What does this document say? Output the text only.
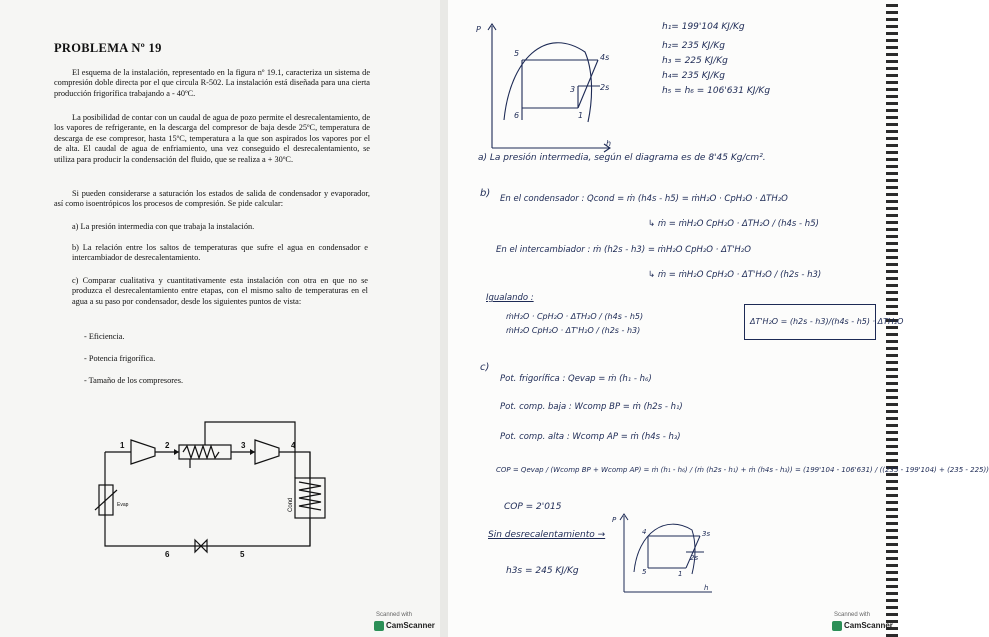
PROBLEMA Nº 19
El esquema de la instalación, representado en la figura nº 19.1, caracteriza un sistema de compresión doble directa por el que circula R-502. La instalación está diseñada para una cierta producción frigorífica trabajando a - 40ºC.
La posibilidad de contar con un caudal de agua de pozo permite el desrecalentamiento, de los vapores de refrigerante, en la descarga del compresor de baja desde 25ºC, temperatura de descarga de ese compresor, hasta 15ºC, temperatura a la que son aspirados los vapores por el de alta. El caudal de agua de enfriamiento, una vez conseguido el desrecalentamiento, se utiliza para producir la condensación del fluido, que se realiza a + 30ºC.
Si pueden considerarse a saturación los estados de salida de condensador y evaporador, así como isoentrópicos los procesos de compresión. Se pide calcular:
a) La presión intermedia con que trabaja la instalación.
b) La relación entre los saltos de temperaturas que sufre el agua en condensador e intercambiador de desrecalentamiento.
c) Comparar cualitativa y cuantitativamente esta instalación con otra en que no se produzca el desrecalentamiento entre etapas, con el mismo salto de temperaturas en el agua a su paso por condensador, desde los siguientes puntos de vista:
- Eficiencia.
- Potencia frigorífica.
- Tamaño de los compresores.
1	2	3	4
5
6
Evap	Cond
P
h
5	4s
3	2s
6	1
h₁= 199'104 KJ/Kg
h₂= 235 KJ/Kg
h₃ = 225 KJ/Kg
h₄= 235 KJ/Kg
h₅ = h₆ = 106'631 KJ/Kg
a) La presión intermedia, según el diagrama es de 8'45 Kg/cm².
b) En el condensador : Qcond = ṁ (h4s - h5) = ṁH₂O · CpH₂O · ΔTH₂O
↳ ṁ = ṁH₂O CpH₂O · ΔTH₂O / (h4s - h5)
En el intercambiador : ṁ (h2s - h3) = ṁH₂O CpH₂O · ΔT'H₂O
↳ ṁ = ṁH₂O CpH₂O · ΔT'H₂O / (h2s - h3)
Igualando :
ṁH₂O · CpH₂O · ΔTH₂O / (h4s - h5)
ṁH₂O CpH₂O · ΔT'H₂O / (h2s - h3)
ΔT'H₂O = (h2s - h3)/(h4s - h5) · ΔTH₂O
c)
Pot. frigorífica : Qevap = ṁ (h₁ - h₆)
Pot. comp. baja : Wcomp BP = ṁ (h2s - h₁)
Pot. comp. alta : Wcomp AP = ṁ (h4s - h₃)
COP = Qevap / (Wcomp BP + Wcomp AP) = ṁ (h₁ - h₆) / (ṁ (h2s - h₁) + ṁ (h4s - h₃)) = (199'104 - 106'631) / ((235 - 199'104) + (235 - 225))
COP = 2'015
Sin desrecalentamiento →
h3s = 245 KJ/Kg
P
h
4	3s
2s
5	1
Scanned with
CamScanner
Scanned with
CamScanner
